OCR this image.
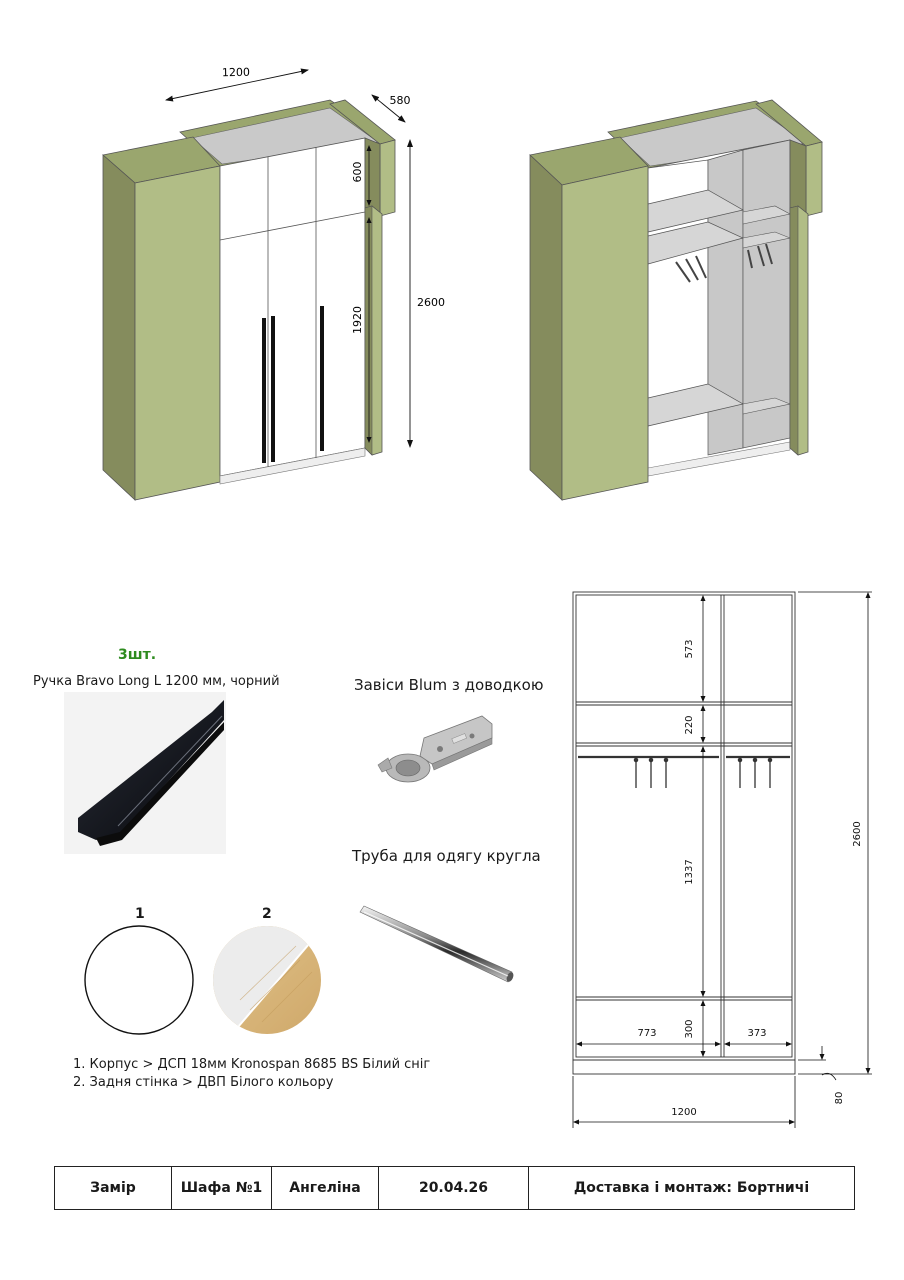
1200
580
2600
600
1920
573
220
1337
300
773	373
2600
80
1200
3шт.
Ручка Bravo Long L 1200 мм, чорний	Завіси Blum з доводкою
Труба для одягу кругла
1	2
1. Корпус > ДСП 18мм Kronospan 8685 BS Білий сніг
2. Задня стінка > ДВП Білого кольору
Замір	Шафа №1	Ангеліна	20.04.26	Доставка і монтаж: Бортничі
